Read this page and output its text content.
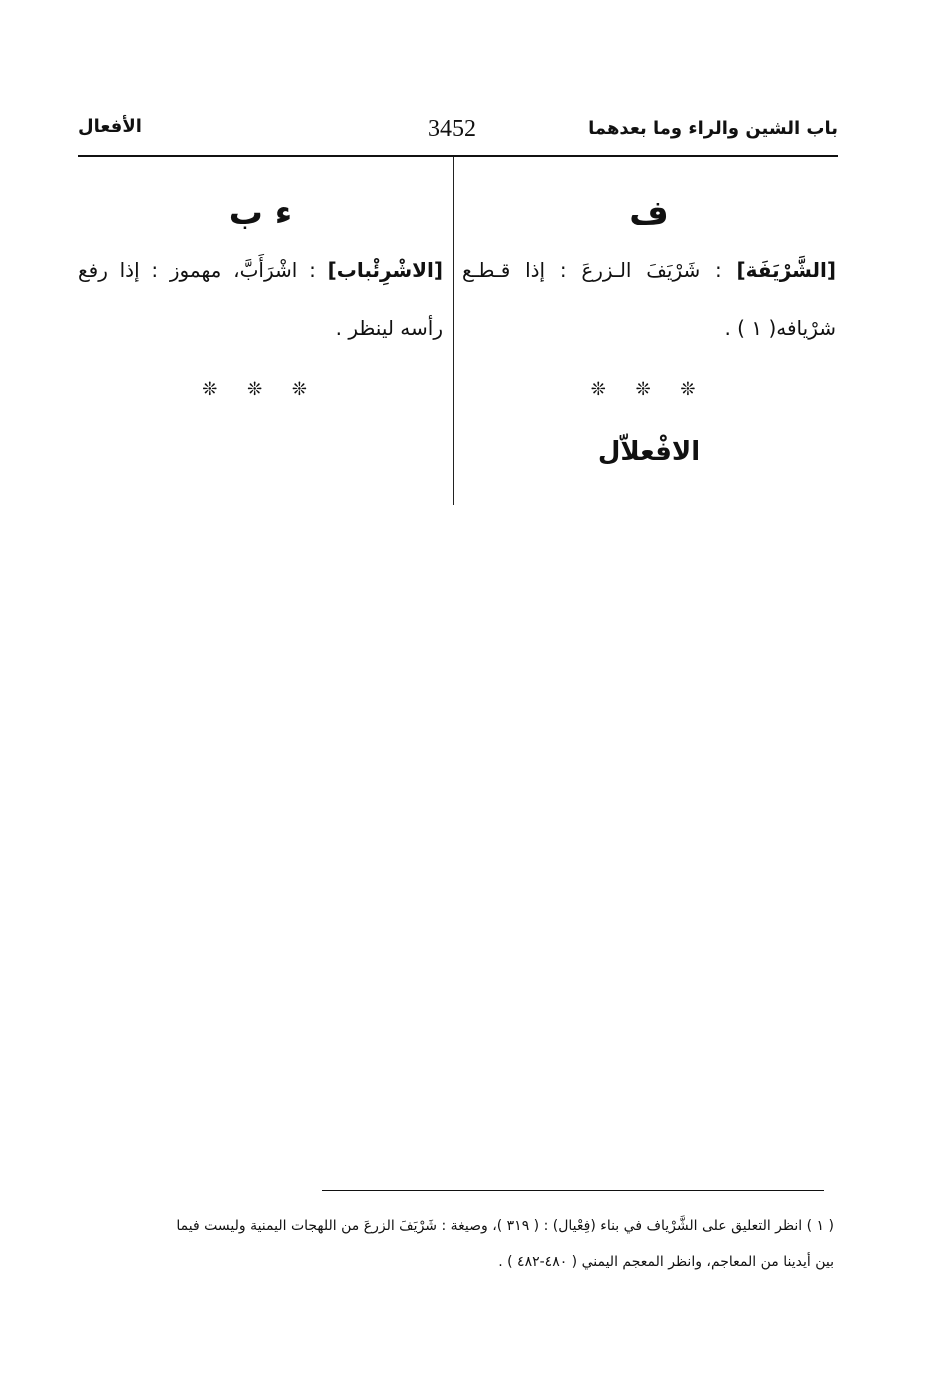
باب الشين والراء وما بعدهما
3452
الأفعال
ف
[الشَّرْيَفَة] : شَرْيَفَ الـزرعَ : إذا قـطـع شرْيافه( ١ ) .
❊ ❊ ❊
الافْعلاّل
ء ب
[الاشْرِئْباب] : اشْرَأَبَّ، مهموز : إذا رفع رأسه لينظر .
❊ ❊ ❊
( ١ ) انظر التعليق على الشَّرْياف في بناء (فِعْيال) : ( ٣١٩ )، وصيغة : شَرْيَفَ الزرعَ من اللهجات اليمنية وليست فيما
بين أيدينا من المعاجم، وانظر المعجم اليمني ( ٤٨٠-٤٨٢ ) .
